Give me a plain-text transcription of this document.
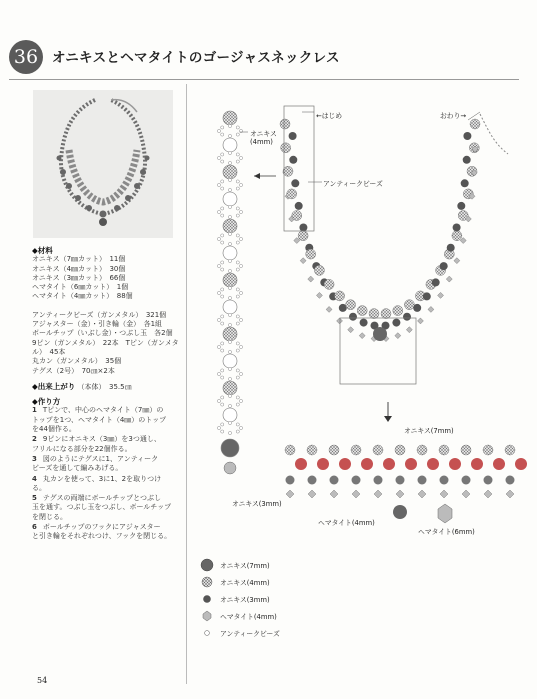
36	オニキスとヘマタイトのゴージャスネックレス
◆材料
オニキス（7㎜カット）　11個
オニキス（4㎜カット）　30個
オニキス（3㎜カット）　66個
ヘマタイト（6㎜カット）　1個
ヘマタイト（4㎜カット）　88個
アンティークビーズ（ガンメタル）　321個
アジャスター（金）・引き輪（金）　各1組
ボールチップ（いぶし金）・つぶし玉　各2個
9ピン（ガンメタル）　22本　Tピン（ガンメタ
ル）　45本
丸カン（ガンメタル）　35個
テグス（2号）　70㎝×2本
◆出来上がり （本体）　35.5㎝
◆作り方
1 Tピンで、中心のヘマタイト（7㎜）の
トップを1つ、ヘマタイト（4㎜）のトップ
を44個作る。
2 9ピンにオニキス（3㎜）を3つ通し、
フリルになる部分を22個作る。
3 図のようにテグスに1、アンティーク
ビーズを通して編みあげる。
4 丸カンを使って、3に1、2を取りつけ
る。
5 テグスの両端にボールチップとつぶし
玉を通す。つぶし玉をつぶし、ボールチップ
を閉じる。
6 ボールチップのフックにアジャスター
と引き輪をそれぞれつけ、フックを閉じる。
←はじめ	おわり→
オニキス
(4mm)
アンティークビーズ
オニキス(7mm)
オニキス(3mm)
ヘマタイト(4mm)
ヘマタイト(6mm)
オニキス(7mm)
オニキス(4mm)
オニキス(3mm)
ヘマタイト(4mm)
アンティークビーズ
54
